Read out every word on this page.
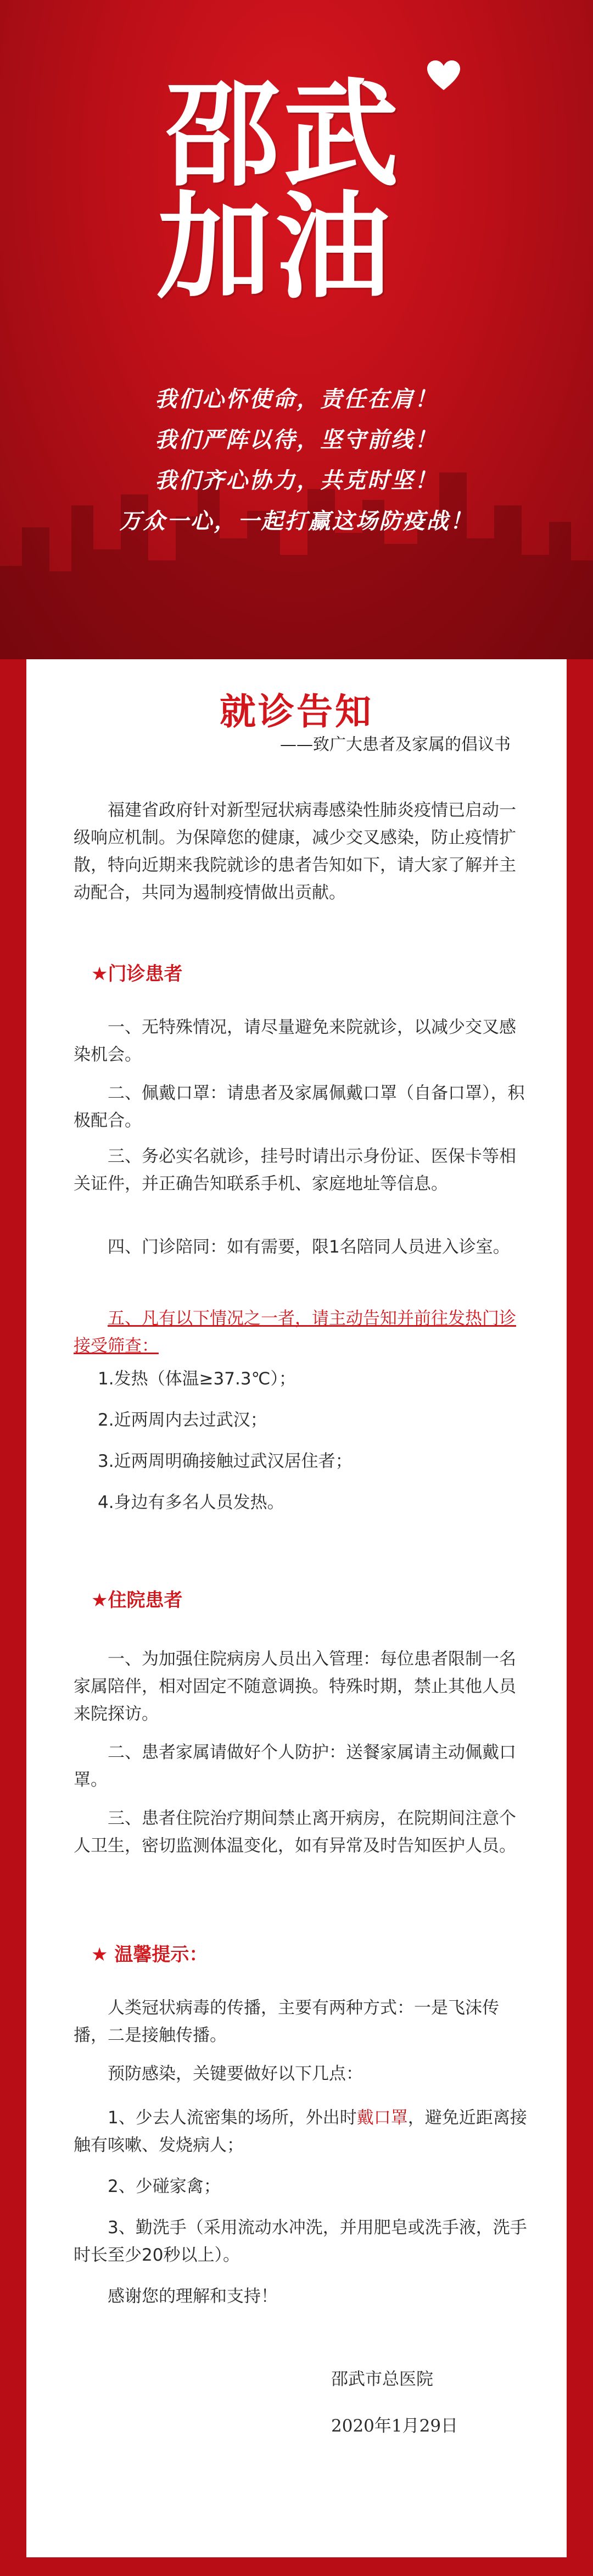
邵武
加油
我们心怀使命，责任在肩！
我们严阵以待，坚守前线！
我们齐心协力，共克时坚！
万众一心，一起打赢这场防疫战！
就诊告知
——致广大患者及家属的倡议书
福建省政府针对新型冠状病毒感染性肺炎疫情已启动一级响应机制。为保障您的健康，减少交叉感染，防止疫情扩散，特向近期来我院就诊的患者告知如下，请大家了解并主动配合，共同为遏制疫情做出贡献。
★门诊患者
一、无特殊情况，请尽量避免来院就诊，以减少交叉感染机会。
二、佩戴口罩：请患者及家属佩戴口罩（自备口罩），积极配合。
三、务必实名就诊，挂号时请出示身份证、医保卡等相关证件，并正确告知联系手机、家庭地址等信息。
四、门诊陪同：如有需要，限1名陪同人员进入诊室。
五、凡有以下情况之一者，请主动告知并前往发热门诊接受筛查：
1.发热（体温≥37.3℃）；
2.近两周内去过武汉；
3.近两周明确接触过武汉居住者；
4.身边有多名人员发热。
★住院患者
一、为加强住院病房人员出入管理：每位患者限制一名家属陪伴，相对固定不随意调换。特殊时期，禁止其他人员来院探访。
二、患者家属请做好个人防护：送餐家属请主动佩戴口罩。
三、患者住院治疗期间禁止离开病房，在院期间注意个人卫生，密切监测体温变化，如有异常及时告知医护人员。
★ 温馨提示：
人类冠状病毒的传播，主要有两种方式：一是飞沫传播，二是接触传播。
预防感染，关键要做好以下几点：
1、少去人流密集的场所，外出时戴口罩，避免近距离接触有咳嗽、发烧病人；
2、少碰家禽；
3、勤洗手（采用流动水冲洗，并用肥皂或洗手液，洗手时长至少20秒以上）。
感谢您的理解和支持！
邵武市总医院
2020年1月29日
